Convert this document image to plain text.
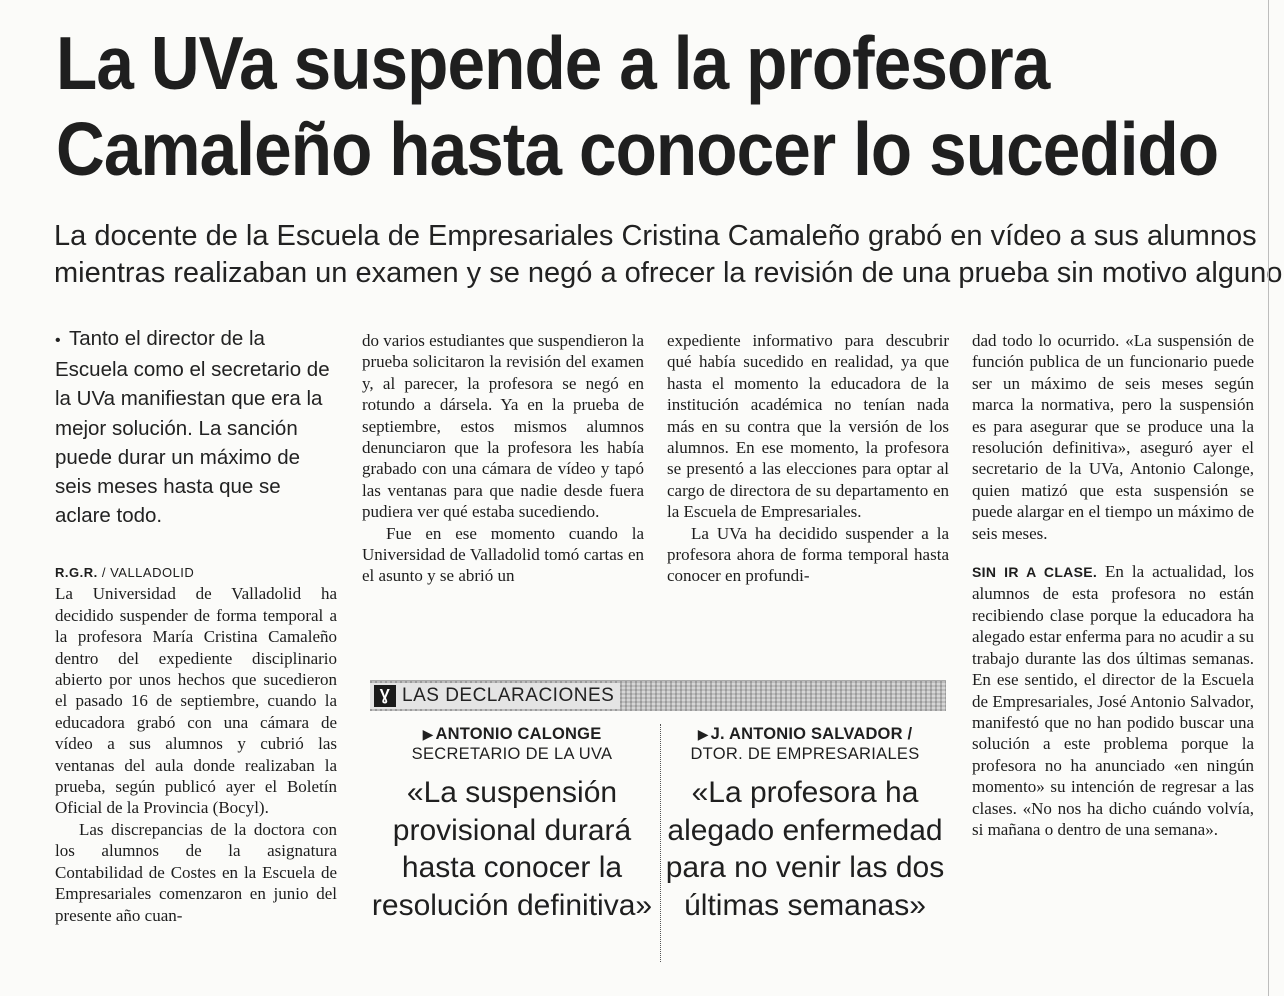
La UVa suspende a la profesora
Camaleño hasta conocer lo sucedido
La docente de la Escuela de Empresariales Cristina Camaleño grabó en vídeo a sus alumnos
mientras realizaban un examen y se negó a ofrecer la revisión de una prueba sin motivo alguno

• Tanto el director de la Escuela como el secretario de la UVa manifiestan que era la mejor solución. La sanción puede durar un máximo de seis meses hasta que se aclare todo.

R.G.R. / VALLADOLID

La Universidad de Valladolid ha decidido suspender de forma temporal a la profesora María Cristina Camaleño dentro del expediente disciplinario abierto por unos hechos que sucedieron el pasado 16 de septiembre, cuando la educadora grabó con una cámara de vídeo a sus alumnos y cubrió las ventanas del aula donde realizaban la prueba, según publicó ayer el Boletín Oficial de la Provincia (Bocyl).

Las discrepancias de la doctora con los alumnos de la asignatura Contabilidad de Costes en la Escuela de Empresariales comenzaron en junio del presente año cuan-

do varios estudiantes que suspendieron la prueba solicitaron la revisión del examen y, al parecer, la profesora se negó en rotundo a dársela. Ya en la prueba de septiembre, estos mismos alumnos denunciaron que la profesora les había grabado con una cámara de vídeo y tapó las ventanas para que nadie desde fuera pudiera ver qué estaba sucediendo.

Fue en ese momento cuando la Universidad de Valladolid tomó cartas en el asunto y se abrió un

expediente informativo para descubrir qué había sucedido en realidad, ya que hasta el momento la educadora de la institución académica no tenían nada más en su contra que la versión de los alumnos. En ese momento, la profesora se presentó a las elecciones para optar al cargo de directora de su departamento en la Escuela de Empresariales.

La UVa ha decidido suspender a la profesora ahora de forma temporal hasta conocer en profundi-

dad todo lo ocurrido. «La suspensión de función publica de un funcionario puede ser un máximo de seis meses según marca la normativa, pero la suspensión es para asegurar que se produce una la resolución definitiva», aseguró ayer el secretario de la UVa, Antonio Calonge, quien matizó que esta suspensión se puede alargar en el tiempo un máximo de seis meses.

SIN IR A CLASE. En la actualidad, los alumnos de esta profesora no están recibiendo clase porque la educadora ha alegado estar enferma para no acudir a su trabajo durante las dos últimas semanas. En ese sentido, el director de la Escuela de Empresariales, José Antonio Salvador, manifestó que no han podido buscar una solución a este problema porque la profesora no ha anunciado «en ningún momento» su intención de regresar a las clases. «No nos ha dicho cuándo volvía, si mañana o dentro de una semana».

Ɣ LAS DECLARACIONES
▶ ANTONIO CALONGE
SECRETARIO DE LA UVA
«La suspensión provisional durará hasta conocer la resolución definitiva»
▶ J. ANTONIO SALVADOR /
DTOR. DE EMPRESARIALES
«La profesora ha alegado enfermedad para no venir las dos últimas semanas»
